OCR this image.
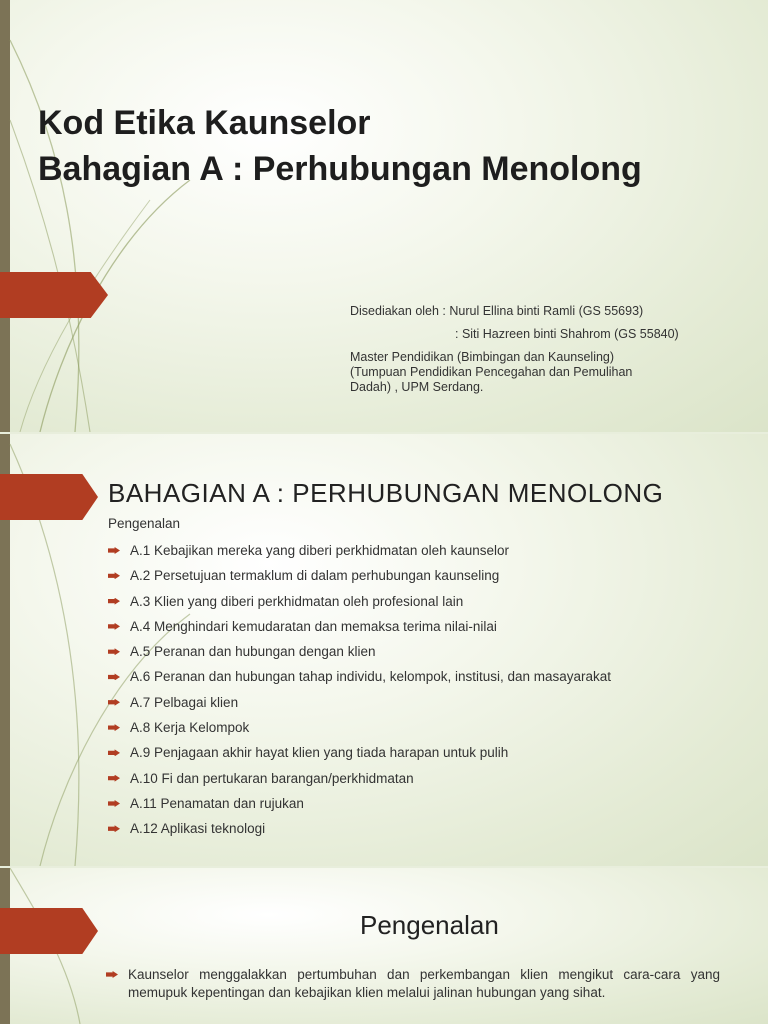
Kod Etika Kaunselor
Bahagian A : Perhubungan Menolong
Disediakan oleh : Nurul Ellina binti Ramli (GS 55693)
: Siti Hazreen binti Shahrom (GS 55840)
Master Pendidikan (Bimbingan dan Kaunseling)
(Tumpuan Pendidikan Pencegahan dan Pemulihan
Dadah) , UPM Serdang.
BAHAGIAN A : PERHUBUNGAN MENOLONG
Pengenalan
A.1 Kebajikan mereka yang diberi perkhidmatan oleh kaunselor
A.2 Persetujuan termaklum di dalam perhubungan kaunseling
A.3 Klien yang diberi perkhidmatan oleh profesional lain
A.4 Menghindari kemudaratan dan memaksa terima nilai-nilai
A.5 Peranan dan hubungan dengan klien
A.6 Peranan dan hubungan tahap individu, kelompok, institusi, dan masayarakat
A.7 Pelbagai klien
A.8 Kerja Kelompok
A.9 Penjagaan akhir hayat klien yang tiada harapan untuk pulih
A.10 Fi dan pertukaran barangan/perkhidmatan
A.11 Penamatan dan rujukan
A.12 Aplikasi teknologi
Pengenalan
Kaunselor menggalakkan pertumbuhan dan perkembangan klien mengikut cara-cara yang memupuk kepentingan dan kebajikan klien melalui jalinan hubungan yang sihat.
